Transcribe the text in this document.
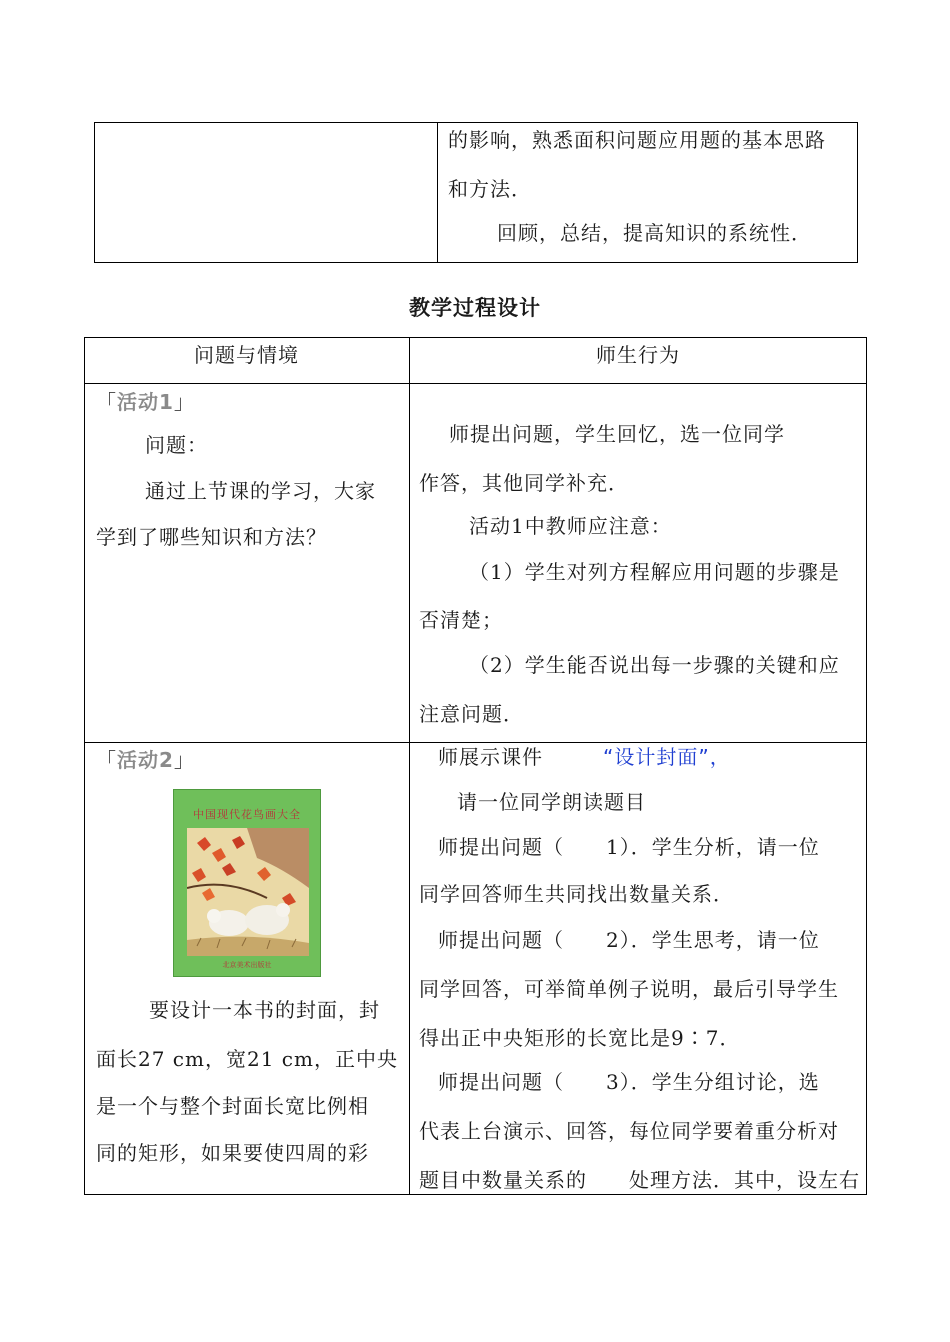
的影响，熟悉面积问题应用题的基本思路
和方法．
回顾，总结，提高知识的系统性．
教学过程设计
问题与情境	师生行为
「活动1」
问题：
通过上节课的学习，大家
学到了哪些知识和方法？
师提出问题，学生回忆，选一位同学
作答，其他同学补充．
活动1中教师应注意：
（1）学生对列方程解应用问题的步骤是
否清楚；
（2）学生能否说出每一步骤的关键和应
注意问题．
「活动2」
中国现代花鸟画大全
北京美术出版社
要设计一本书的封面，封
面长27 cm，宽21 cm，正中央
是一个与整个封面长宽比例相
同的矩形，如果要使四周的彩
师展示课件	“设计封面”，
请一位同学朗读题目
师提出问题（　　1）．学生分析，请一位
同学回答师生共同找出数量关系．
师提出问题（　　2）．学生思考，请一位
同学回答，可举简单例子说明，最后引导学生
得出正中央矩形的长宽比是9∶7．
师提出问题（　　3）．学生分组讨论，选
代表上台演示、回答，每位同学要着重分析对
题目中数量关系的　　处理方法．其中，设左右
